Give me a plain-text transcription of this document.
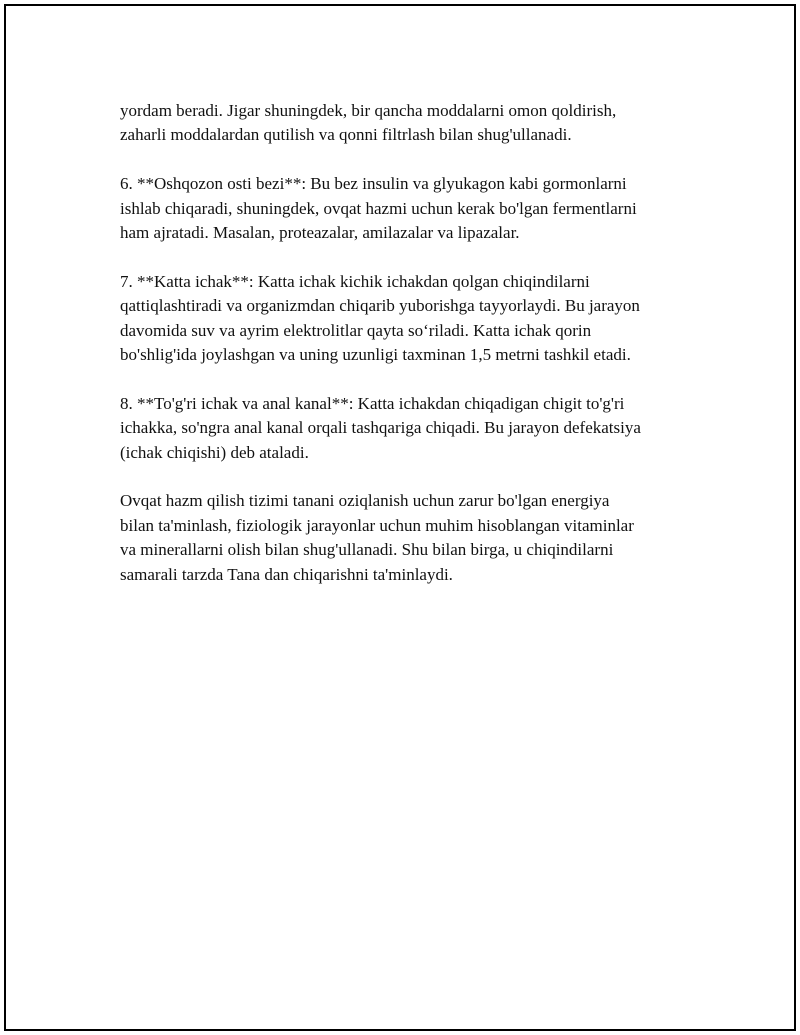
yordam beradi. Jigar shuningdek, bir qancha moddalarni omon qoldirish,
zaharli moddalardan qutilish va qonni filtrlash bilan shug'ullanadi.

6. **Oshqozon osti bezi**: Bu bez insulin va glyukagon kabi gormonlarni
ishlab chiqaradi, shuningdek, ovqat hazmi uchun kerak bo'lgan fermentlarni
ham ajratadi. Masalan, proteazalar, amilazalar va lipazalar.

7. **Katta ichak**: Katta ichak kichik ichakdan qolgan chiqindilarni
qattiqlashtiradi va organizmdan chiqarib yuborishga tayyorlaydi. Bu jarayon
davomida suv va ayrim elektrolitlar qayta so‘riladi. Katta ichak qorin
bo'shlig'ida joylashgan va uning uzunligi taxminan 1,5 metrni tashkil etadi.

8. **To'g'ri ichak va anal kanal**: Katta ichakdan chiqadigan chigit to'g'ri
ichakka, so'ngra anal kanal orqali tashqariga chiqadi. Bu jarayon defekatsiya
(ichak chiqishi) deb ataladi.

Ovqat hazm qilish tizimi tanani oziqlanish uchun zarur bo'lgan energiya
bilan ta'minlash, fiziologik jarayonlar uchun muhim hisoblangan vitaminlar
va minerallarni olish bilan shug'ullanadi. Shu bilan birga, u chiqindilarni
samarali tarzda Tana dan chiqarishni ta'minlaydi.
